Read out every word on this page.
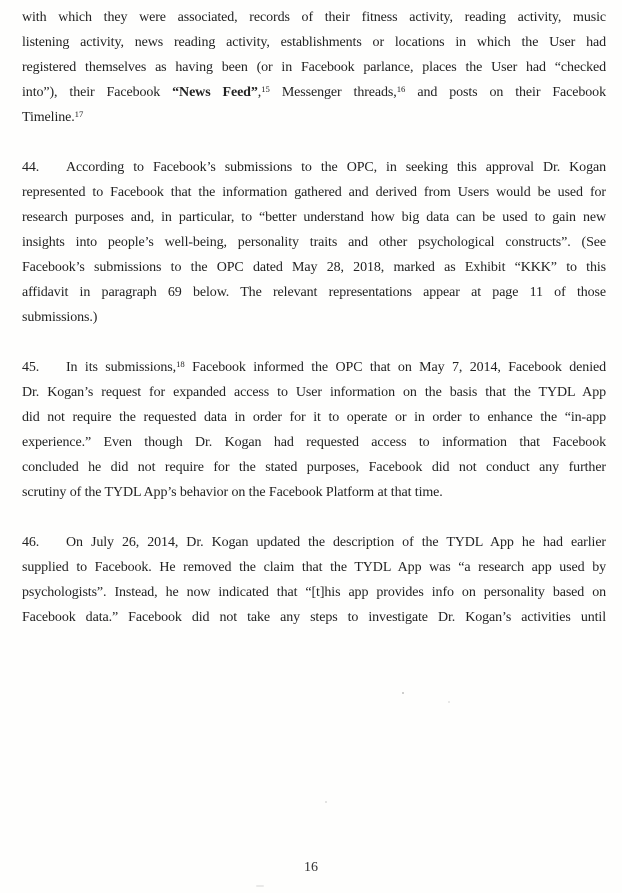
with which they were associated, records of their fitness activity, reading activity, music
listening activity, news reading activity, establishments or locations in which the User had
registered themselves as having been (or in Facebook parlance, places the User had “checked
into”), their Facebook “News Feed”,$^{15}$ Messenger threads,$^{16}$ and posts on their Facebook
Timeline.$^{17}$
44. According to Facebook’s submissions to the OPC, in seeking this approval Dr. Kogan
represented to Facebook that the information gathered and derived from Users would be used for
research purposes and, in particular, to “better understand how big data can be used to gain new
insights into people’s well-being, personality traits and other psychological constructs”. (See
Facebook’s submissions to the OPC dated May 28, 2018, marked as Exhibit “KKK” to this
affidavit in paragraph 69 below. The relevant representations appear at page 11 of those
submissions.)
45. In its submissions,$^{18}$ Facebook informed the OPC that on May 7, 2014, Facebook denied
Dr. Kogan’s request for expanded access to User information on the basis that the TYDL App
did not require the requested data in order for it to operate or in order to enhance the “in-app
experience.” Even though Dr. Kogan had requested access to information that Facebook
concluded he did not require for the stated purposes, Facebook did not conduct any further
scrutiny of the TYDL App’s behavior on the Facebook Platform at that time.
46. On July 26, 2014, Dr. Kogan updated the description of the TYDL App he had earlier
supplied to Facebook. He removed the claim that the TYDL App was “a research app used by
psychologists”. Instead, he now indicated that “[t]his app provides info on personality based on
Facebook data.” Facebook did not take any steps to investigate Dr. Kogan’s activities until
16
